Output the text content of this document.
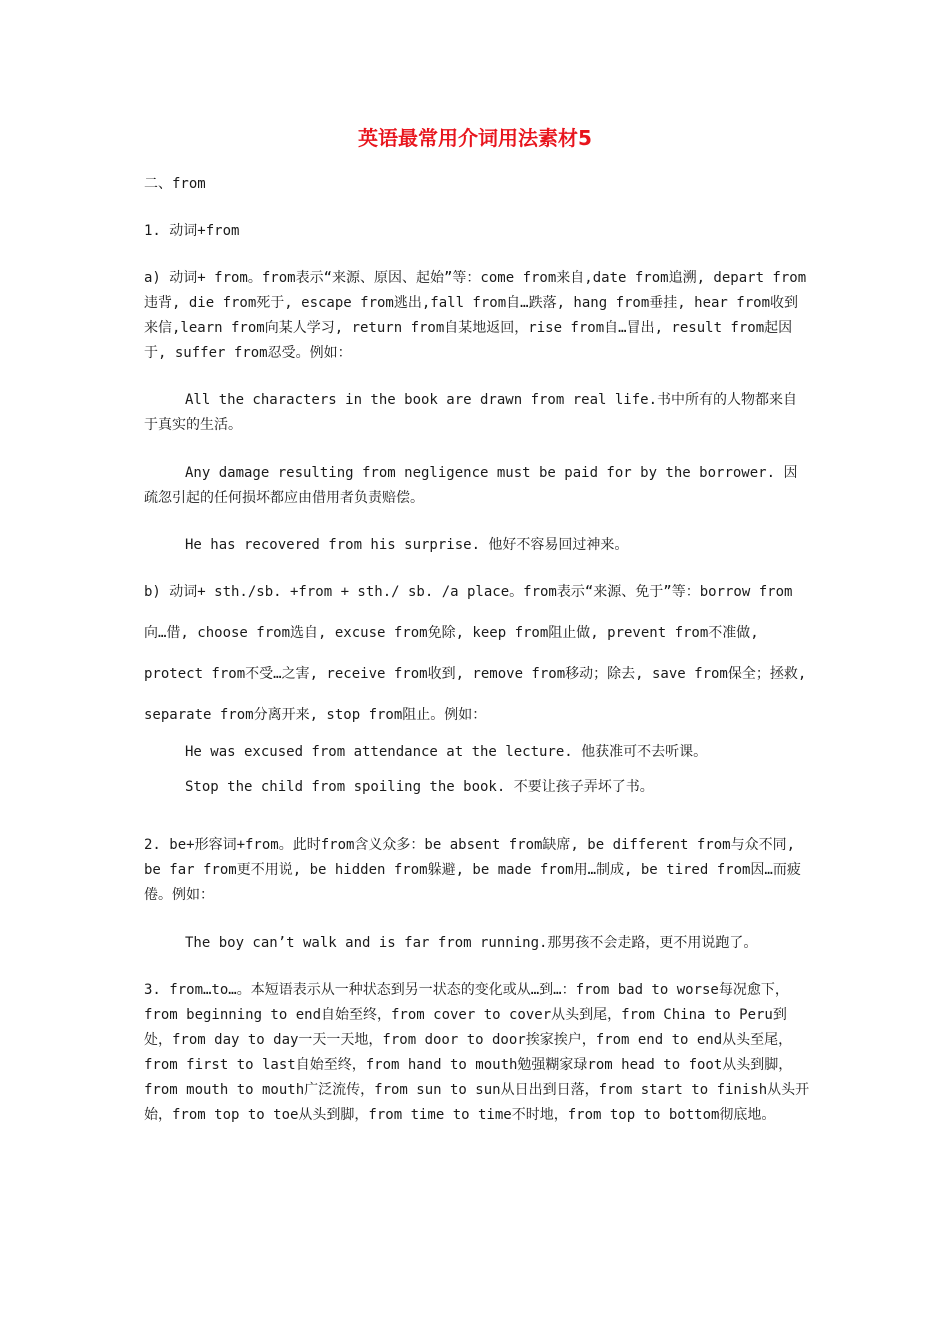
英语最常用介词用法素材5

二、from

1. 动词+from

a) 动词+ from。from表示“来源、原因、起始”等：come from来自,date from追溯, depart from违背, die from死于, escape from逃出,fall from自…跌落, hang from垂挂, hear from收到来信,learn from向某人学习, return from自某地返回，rise from自…冒出, result from起因于, suffer from忍受。例如：

All the characters in the book are drawn from real life.书中所有的人物都来自于真实的生活。

Any damage resulting from negligence must be paid for by the borrower. 因疏忽引起的任何损坏都应由借用者负责赔偿。

He has recovered from his surprise. 他好不容易回过神来。

b) 动词+ sth./sb. +from + sth./ sb. /a place。from表示“来源、免于”等：borrow from向…借, choose from选自, excuse from免除, keep from阻止做, prevent from不准做, protect from不受…之害, receive from收到, remove from移动；除去, save from保全；拯救, separate from分离开来, stop from阻止。例如：

He was excused from attendance at the lecture. 他获准可不去听课。

Stop the child from spoiling the book. 不要让孩子弄坏了书。

2. be+形容词+from。此时from含义众多：be absent from缺席, be different from与众不同, be far from更不用说, be hidden from躲避, be made from用…制成, be tired from因…而疲倦。例如：

The boy can’t walk and is far from running.那男孩不会走路，更不用说跑了。

3. from…to…。本短语表示从一种状态到另一状态的变化或从…到…：from bad to worse每况愈下，from beginning to end自始至终，from cover to cover从头到尾，from China to Peru到处，from day to day一天一天地，from door to door挨家挨户，from end to end从头至尾，from first to last自始至终，from hand to mouth勉强糊家琭rom head to foot从头到脚，from mouth to mouth广泛流传，from sun to sun从日出到日落，from start to finish从头开始，from top to toe从头到脚，from time to time不时地，from top to bottom彻底地。
